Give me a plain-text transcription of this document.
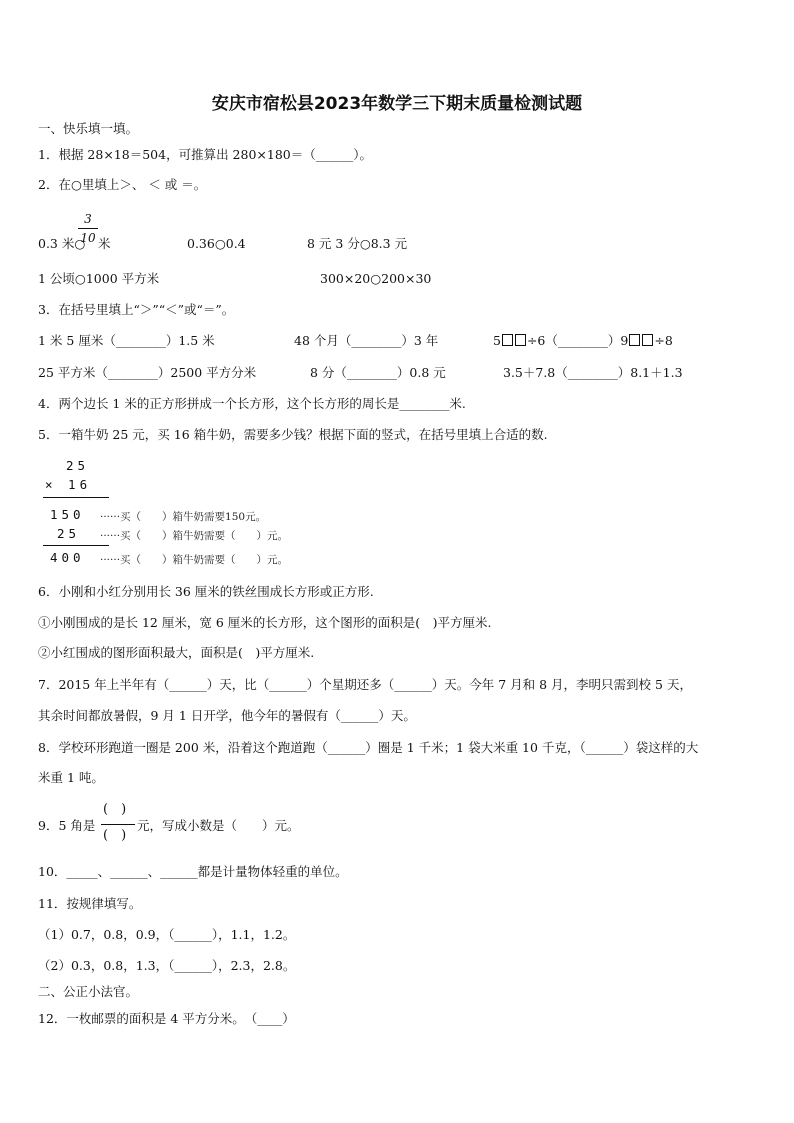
安庆市宿松县2023年数学三下期末质量检测试题
一、快乐填一填。
1．根据 28×18＝504，可推算出 280×180＝（______）。
2．在○里填上＞、 ＜ 或 ＝。
3
10
0.3 米○ 米	0.36○0.4	8 元 3 分○8.3 元
1 公顷○1000 平方米	300×20○200×30
3．在括号里填上“＞”“＜”或“＝”。
1 米 5 厘米（________）1.5 米	48 个月（________）3 年	5 ÷6（________）9 ÷8
25 平方米（________）2500 平方分米	8 分（________）0.8 元	3.5＋7.8（________）8.1＋1.3
4．两个边长 1 米的正方形拼成一个长方形，这个长方形的周长是________米.
5．一箱牛奶 25 元，买 16 箱牛奶，需要多少钱？根据下面的竖式，在括号里填上合适的数.
25
× 16
150 ······买（　　）箱牛奶需要150元。
25 ······买（　　）箱牛奶需要（　　）元。
400 ······买（　　）箱牛奶需要（　　）元。
6．小刚和小红分别用长 36 厘米的铁丝围成长方形或正方形.
①小刚围成的是长 12 厘米，宽 6 厘米的长方形，这个图形的面积是(　)平方厘米.
②小红围成的图形面积最大，面积是(　)平方厘米.
7．2015 年上半年有（______）天，比（______）个星期还多（______）天。今年 7 月和 8 月，李明只需到校 5 天，
其余时间都放暑假，9 月 1 日开学，他今年的暑假有（______）天。
8．学校环形跑道一圈是 200 米，沿着这个跑道跑（______）圈是 1 千米；1 袋大米重 10 千克，（______）袋这样的大
米重 1 吨。
9．5 角是
(　)
(　)
元，写成小数是（　　）元。
10．_____、______、______都是计量物体轻重的单位。
11．按规律填写。
（1）0.7，0.8，0.9，（______），1.1，1.2。
（2）0.3，0.8，1.3，（______），2.3，2.8。
二、公正小法官。
12．一枚邮票的面积是 4 平方分米。　（____）
